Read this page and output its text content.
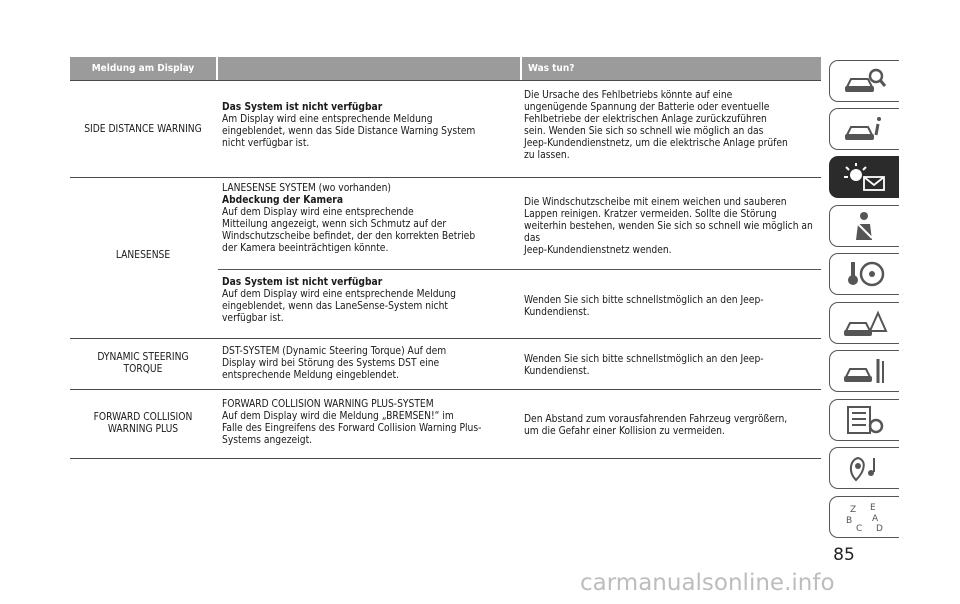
Meldung am Display	Was tun?
SIDE DISTANCE WARNING
Das System ist nicht verfügbar
Am Display wird eine entsprechende Meldung
eingeblendet, wenn das Side Distance Warning System
nicht verfügbar ist.
Die Ursache des Fehlbetriebs könnte auf eine
ungenügende Spannung der Batterie oder eventuelle
Fehlbetriebe der elektrischen Anlage zurückzuführen
sein. Wenden Sie sich so schnell wie möglich an das
Jeep-Kundendienstnetz, um die elektrische Anlage prüfen
zu lassen.
LANESENSE
LANESENSE SYSTEM (wo vorhanden)
Abdeckung der Kamera
Auf dem Display wird eine entsprechende
Mitteilung angezeigt, wenn sich Schmutz auf der
Windschutzscheibe befindet, der den korrekten Betrieb
der Kamera beeinträchtigen könnte.
Die Windschutzscheibe mit einem weichen und sauberen
Lappen reinigen. Kratzer vermeiden. Sollte die Störung
weiterhin bestehen, wenden Sie sich so schnell wie möglich an das
Jeep-Kundendienstnetz wenden.
Das System ist nicht verfügbar
Auf dem Display wird eine entsprechende Meldung
eingeblendet, wenn das LaneSense-System nicht
verfügbar ist.
Wenden Sie sich bitte schnellstmöglich an den Jeep-
Kundendienst.
DYNAMIC STEERING
TORQUE
DST-SYSTEM (Dynamic Steering Torque) Auf dem
Display wird bei Störung des Systems DST eine
entsprechende Meldung eingeblendet.
Wenden Sie sich bitte schnellstmöglich an den Jeep-
Kundendienst.
FORWARD COLLISION
WARNING PLUS
FORWARD COLLISION WARNING PLUS-SYSTEM
Auf dem Display wird die Meldung „BREMSEN!“ im
Falle des Eingreifens des Forward Collision Warning Plus-
Systems angezeigt.
Den Abstand zum vorausfahrenden Fahrzeug vergrößern,
um die Gefahr einer Kollision zu vermeiden.
Z E
B A
C D
85
carmanualsonline.info
